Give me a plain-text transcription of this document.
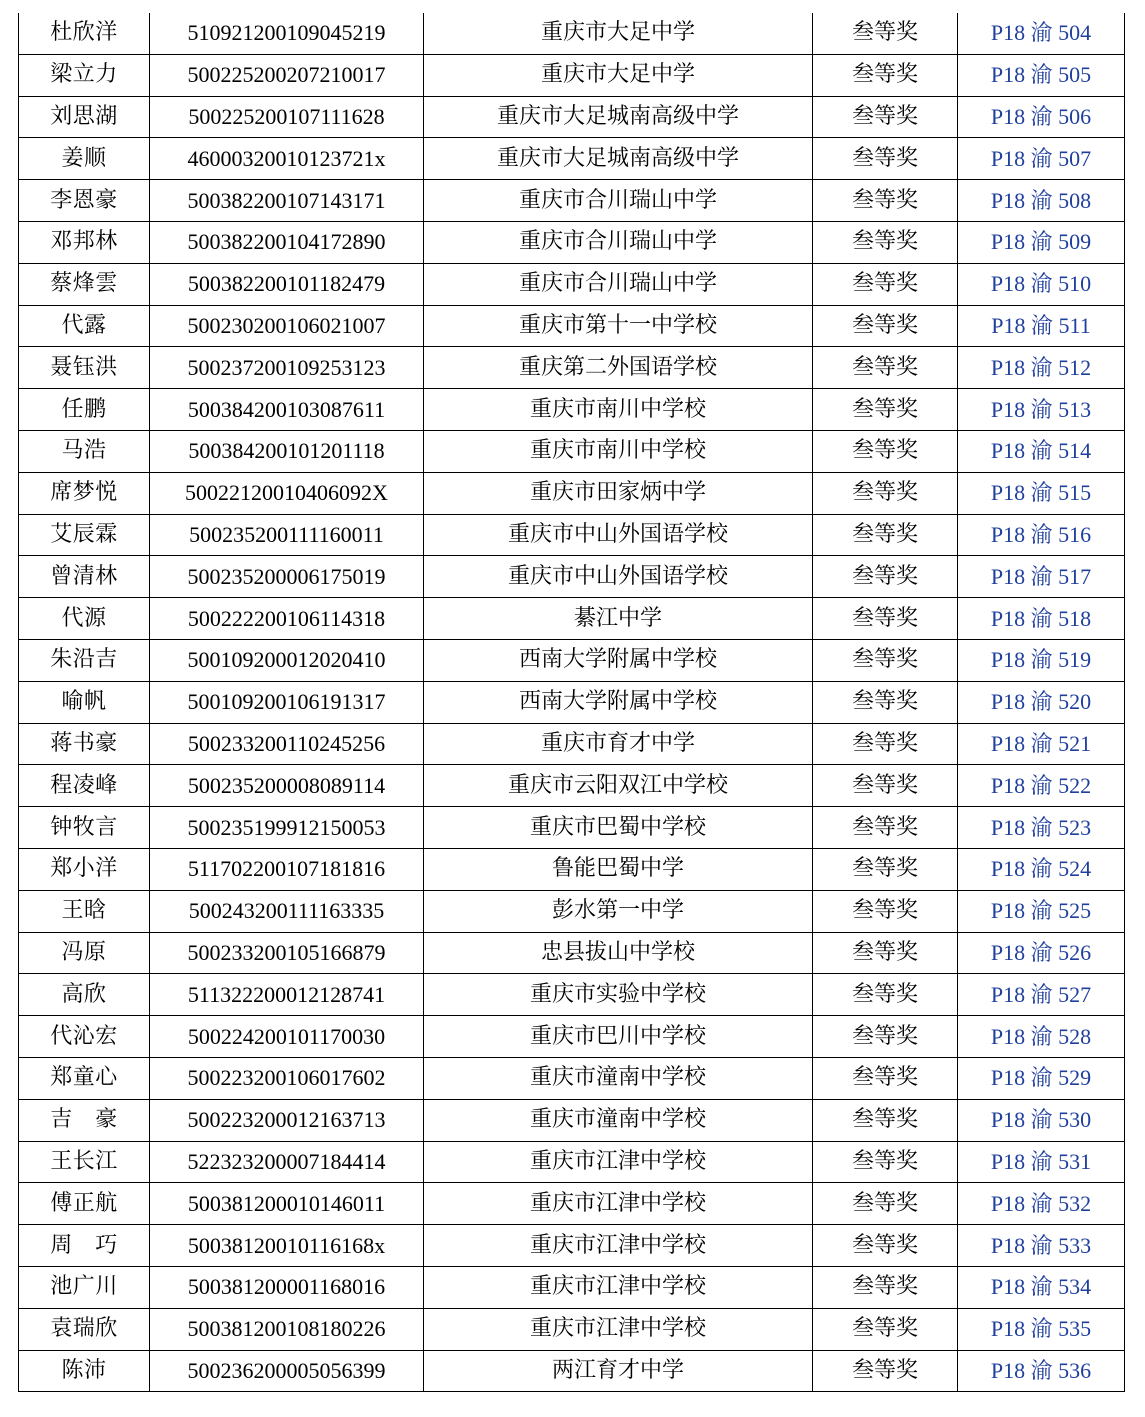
杜欣洋	510921200109045219	重庆市大足中学	叁等奖	P18 渝 504
梁立力	500225200207210017	重庆市大足中学	叁等奖	P18 渝 505
刘思湖	500225200107111628	重庆市大足城南高级中学	叁等奖	P18 渝 506
姜顺	46000320010123721x	重庆市大足城南高级中学	叁等奖	P18 渝 507
李恩豪	500382200107143171	重庆市合川瑞山中学	叁等奖	P18 渝 508
邓邦林	500382200104172890	重庆市合川瑞山中学	叁等奖	P18 渝 509
蔡烽雲	500382200101182479	重庆市合川瑞山中学	叁等奖	P18 渝 510
代露	500230200106021007	重庆市第十一中学校	叁等奖	P18 渝 511
聂钰洪	500237200109253123	重庆第二外国语学校	叁等奖	P18 渝 512
任鹏	500384200103087611	重庆市南川中学校	叁等奖	P18 渝 513
马浩	500384200101201118	重庆市南川中学校	叁等奖	P18 渝 514
席梦悦	50022120010406092X	重庆市田家炳中学	叁等奖	P18 渝 515
艾辰霖	500235200111160011	重庆市中山外国语学校	叁等奖	P18 渝 516
曾清林	500235200006175019	重庆市中山外国语学校	叁等奖	P18 渝 517
代源	500222200106114318	綦江中学	叁等奖	P18 渝 518
朱沿吉	500109200012020410	西南大学附属中学校	叁等奖	P18 渝 519
喻帆	500109200106191317	西南大学附属中学校	叁等奖	P18 渝 520
蒋书豪	500233200110245256	重庆市育才中学	叁等奖	P18 渝 521
程凌峰	500235200008089114	重庆市云阳双江中学校	叁等奖	P18 渝 522
钟牧言	500235199912150053	重庆市巴蜀中学校	叁等奖	P18 渝 523
郑小洋	511702200107181816	鲁能巴蜀中学	叁等奖	P18 渝 524
王晗	500243200111163335	彭水第一中学	叁等奖	P18 渝 525
冯原	500233200105166879	忠县拔山中学校	叁等奖	P18 渝 526
高欣	511322200012128741	重庆市实验中学校	叁等奖	P18 渝 527
代沁宏	500224200101170030	重庆市巴川中学校	叁等奖	P18 渝 528
郑童心	500223200106017602	重庆市潼南中学校	叁等奖	P18 渝 529
吉　豪	500223200012163713	重庆市潼南中学校	叁等奖	P18 渝 530
王长江	522323200007184414	重庆市江津中学校	叁等奖	P18 渝 531
傅正航	500381200010146011	重庆市江津中学校	叁等奖	P18 渝 532
周　巧	50038120010116168x	重庆市江津中学校	叁等奖	P18 渝 533
池广川	500381200001168016	重庆市江津中学校	叁等奖	P18 渝 534
袁瑞欣	500381200108180226	重庆市江津中学校	叁等奖	P18 渝 535
陈沛	500236200005056399	两江育才中学	叁等奖	P18 渝 536
